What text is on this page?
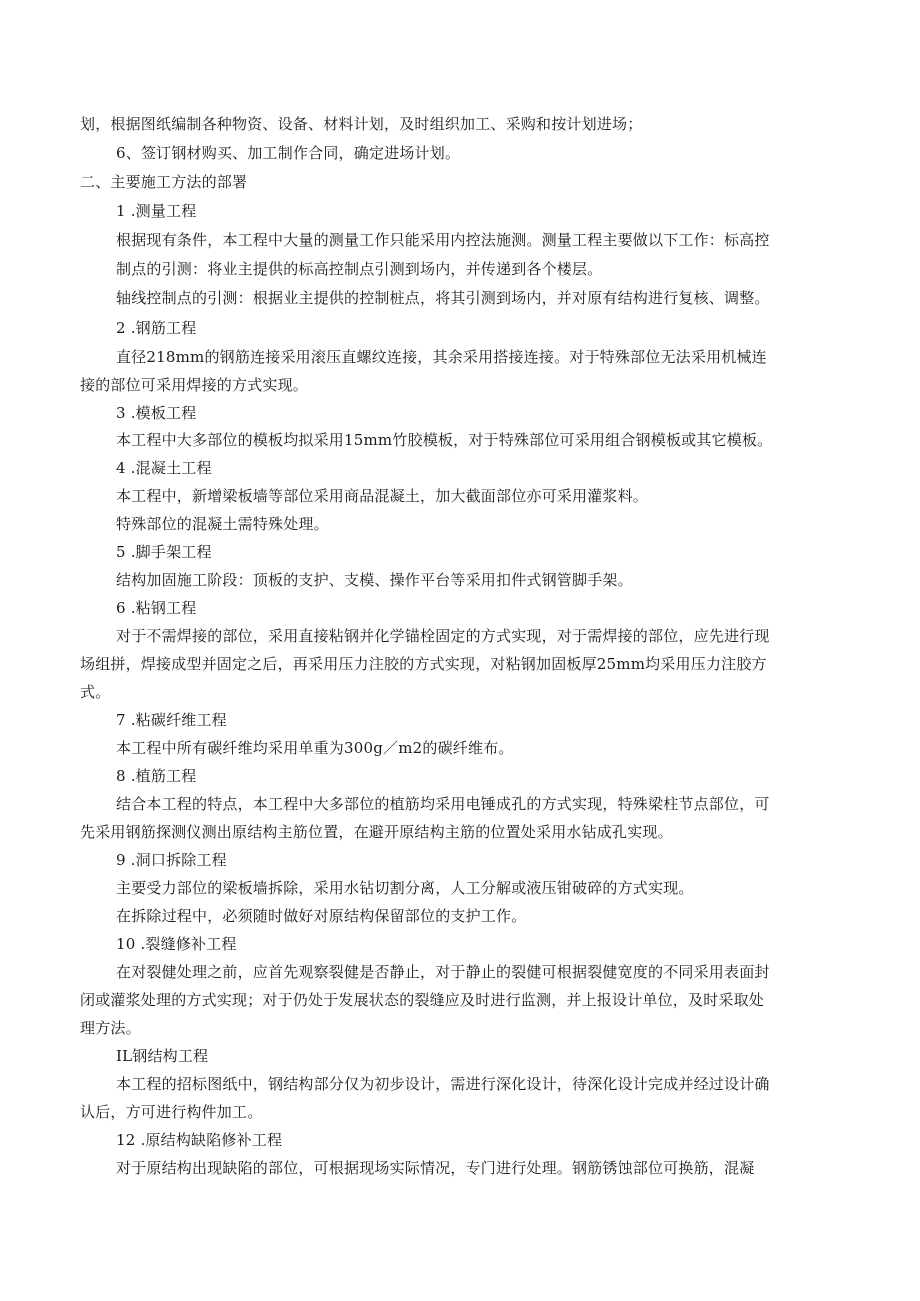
划，根据图纸编制各种物资、设备、材料计划，及时组织加工、采购和按计划进场；
6、签订钢材购买、加工制作合同，确定进场计划。
二、主要施工方法的部署
1 .测量工程
根据现有条件，本工程中大量的测量工作只能采用内控法施测。测量工程主要做以下工作：标高控
制点的引测：将业主提供的标高控制点引测到场内，并传递到各个楼层。
轴线控制点的引测：根据业主提供的控制桩点，将其引测到场内，并对原有结构进行复核、调整。
2 .钢筋工程
直径218mm的钢筋连接采用滚压直螺纹连接，其余采用搭接连接。对于特殊部位无法采用机械连
接的部位可采用焊接的方式实现。
3 .模板工程
本工程中大多部位的模板均拟采用15mm竹胶模板，对于特殊部位可采用组合钢模板或其它模板。
4 .混凝土工程
本工程中，新增梁板墙等部位采用商品混凝土，加大截面部位亦可采用灌浆料。
特殊部位的混凝土需特殊处理。
5 .脚手架工程
结构加固施工阶段：顶板的支护、支模、操作平台等采用扣件式钢管脚手架。
6 .粘钢工程
对于不需焊接的部位，采用直接粘钢并化学锚栓固定的方式实现，对于需焊接的部位，应先进行现
场组拼，焊接成型并固定之后，再采用压力注胶的方式实现，对粘钢加固板厚25mm均采用压力注胶方
式。
7 .粘碳纤维工程
本工程中所有碳纤维均采用单重为300g／m2的碳纤维布。
8 .植筋工程
结合本工程的特点，本工程中大多部位的植筋均采用电锤成孔的方式实现，特殊梁柱节点部位，可
先采用钢筋探测仪测出原结构主筋位置，在避开原结构主筋的位置处采用水钻成孔实现。
9 .洞口拆除工程
主要受力部位的梁板墙拆除，采用水钻切割分离，人工分解或液压钳破碎的方式实现。
在拆除过程中，必须随时做好对原结构保留部位的支护工作。
10 .裂缝修补工程
在对裂健处理之前，应首先观察裂健是否静止，对于静止的裂健可根据裂健宽度的不同采用表面封
闭或灌浆处理的方式实现；对于仍处于发展状态的裂缝应及时进行监测，并上报设计单位，及时采取处
理方法。
IL钢结构工程
本工程的招标图纸中，钢结构部分仅为初步设计，需进行深化设计，待深化设计完成并经过设计确
认后，方可进行构件加工。
12 .原结构缺陷修补工程
对于原结构出现缺陷的部位，可根据现场实际情况，专门进行处理。钢筋锈蚀部位可换筋，混凝
